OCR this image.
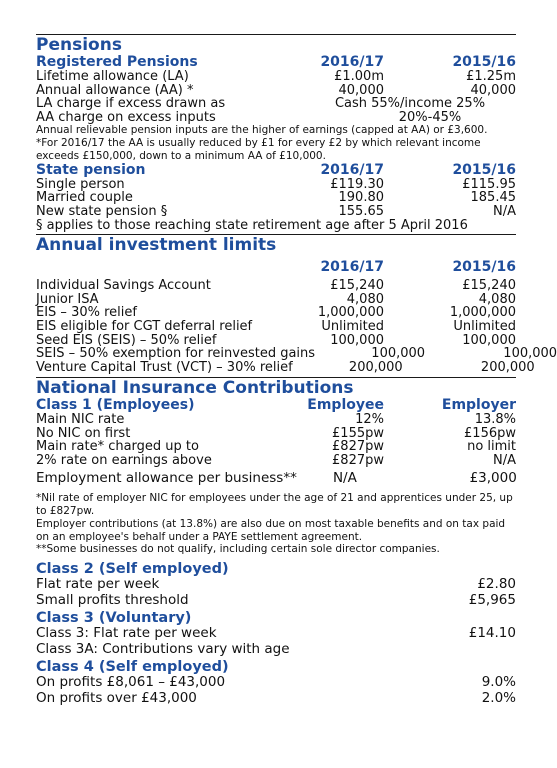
Pensions
Registered Pensions	2016/17	2015/16
Lifetime allowance (LA)	£1.00m	£1.25m
Annual allowance (AA) *	40,000	40,000
LA charge if excess drawn as	Cash 55%/income 25%
AA charge on excess inputs	20%-45%
Annual relievable pension inputs are the higher of earnings (capped at AA) or £3,600.
*For 2016/17 the AA is usually reduced by £1 for every £2 by which relevant income exceeds £150,000, down to a minimum AA of £10,000.
State pension	2016/17	2015/16
Single person	£119.30	£115.95
Married couple	190.80	185.45
New state pension §	155.65	N/A
§ applies to those reaching state retirement age after 5 April 2016
Annual investment limits
2016/17	2015/16
Individual Savings Account	£15,240	£15,240
Junior ISA	4,080	4,080
EIS – 30% relief	1,000,000	1,000,000
EIS eligible for CGT deferral relief	Unlimited	Unlimited
Seed EIS (SEIS) – 50% relief	100,000	100,000
SEIS – 50% exemption for reinvested gains	100,000	100,000
Venture Capital Trust (VCT) – 30% relief	200,000	200,000
National Insurance Contributions
Class 1 (Employees)	Employee	Employer
Main NIC rate	12%	13.8%
No NIC on first	£155pw	£156pw
Main rate* charged up to	£827pw	no limit
2% rate on earnings above	£827pw	N/A
Employment allowance per business**	N/A	£3,000
*Nil rate of employer NIC for employees under the age of 21 and apprentices under 25, up to £827pw.
Employer contributions (at 13.8%) are also due on most taxable benefits and on tax paid on an employee's behalf under a PAYE settlement agreement.
**Some businesses do not qualify, including certain sole director companies.
Class 2 (Self employed)
Flat rate per week	£2.80
Small profits threshold	£5,965
Class 3 (Voluntary)
Class 3: Flat rate per week	£14.10
Class 3A: Contributions vary with age
Class 4 (Self employed)
On profits £8,061 – £43,000	9.0%
On profits over £43,000	2.0%
